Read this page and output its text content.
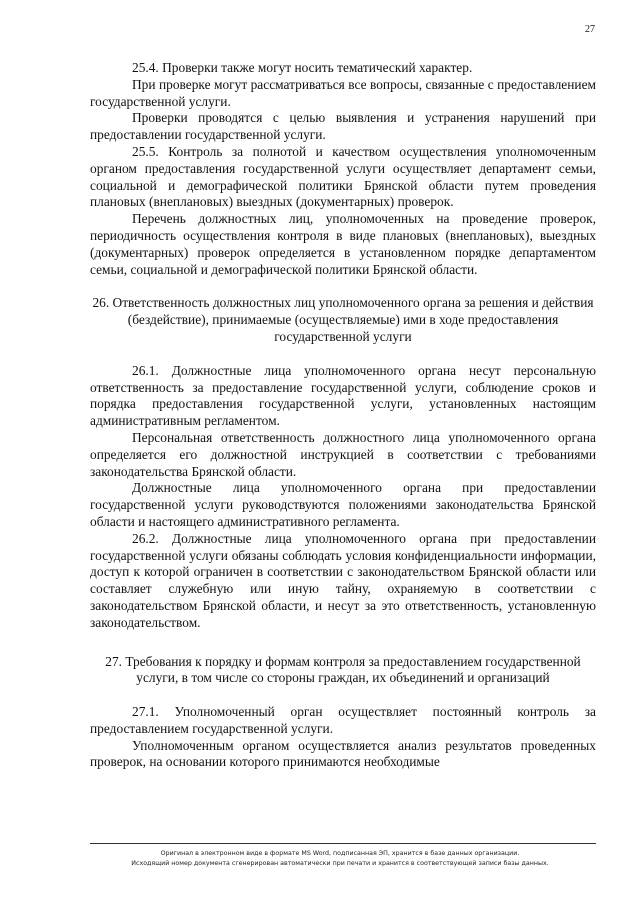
27

25.4. Проверки также могут носить тематический характер.

При проверке могут рассматриваться все вопросы, связанные с предоставлением государственной услуги.

Проверки проводятся с целью выявления и устранения нарушений при предоставлении государственной услуги.

25.5. Контроль за полнотой и качеством осуществления уполномоченным органом предоставления государственной услуги осуществляет департамент семьи, социальной и демографической политики Брянской области путем проведения плановых (внеплановых) выездных (документарных) проверок.

Перечень должностных лиц, уполномоченных на проведение проверок, периодичность осуществления контроля в виде плановых (внеплановых), выездных (документарных) проверок определяется в установленном порядке департаментом семьи, социальной и демографической политики Брянской области.

26. Ответственность должностных лиц уполномоченного органа за решения и действия (бездействие), принимаемые (осуществляемые) ими в ходе предоставления государственной услуги

26.1. Должностные лица уполномоченного органа несут персональную ответственность за предоставление государственной услуги, соблюдение сроков и порядка предоставления государственной услуги, установленных настоящим административным регламентом.

Персональная ответственность должностного лица уполномоченного органа определяется его должностной инструкцией в соответствии с требованиями законодательства Брянской области.

Должностные лица уполномоченного органа при предоставлении государственной услуги руководствуются положениями законодательства Брянской области и настоящего административного регламента.

26.2. Должностные лица уполномоченного органа при предоставлении государственной услуги обязаны соблюдать условия конфиденциальности информации, доступ к которой ограничен в соответствии с законодательством Брянской области или составляет служебную или иную тайну, охраняемую в соответствии с законодательством Брянской области, и несут за это ответственность, установленную законодательством.

27. Требования к порядку и формам контроля за предоставлением государственной услуги, в том числе со стороны граждан, их объединений и организаций

27.1. Уполномоченный орган осуществляет постоянный контроль за предоставлением государственной услуги.

Уполномоченным органом осуществляется анализ результатов проведенных проверок, на основании которого принимаются необходимые

Оригинал в электронном виде в формате MS Word, подписанная ЭП, хранится в базе данных организации.
Исходящий номер документа сгенерирован автоматически при печати и хранится в соответствующей записи базы данных.
